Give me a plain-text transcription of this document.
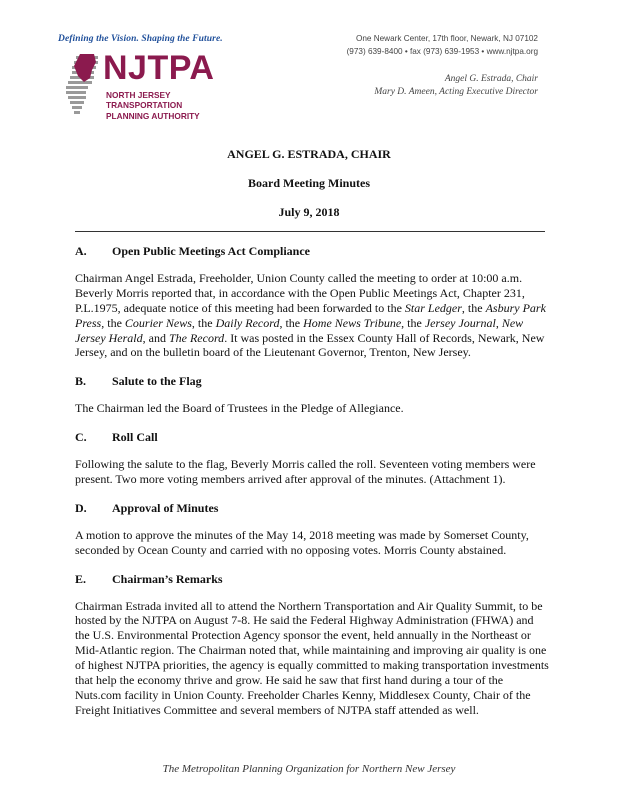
Defining the Vision. Shaping the Future.
NJTPA
NORTH JERSEY
TRANSPORTATION
PLANNING AUTHORITY
One Newark Center, 17th floor, Newark, NJ 07102
(973) 639-8400 • fax (973) 639-1953 • www.njtpa.org
Angel G. Estrada, Chair
Mary D. Ameen, Acting Executive Director
ANGEL G. ESTRADA, CHAIR
Board Meeting Minutes
July 9, 2018
A.	Open Public Meetings Act Compliance

Chairman Angel Estrada, Freeholder, Union County called the meeting to order at 10:00 a.m. Beverly Morris reported that, in accordance with the Open Public Meetings Act, Chapter 231, P.L.1975, adequate notice of this meeting had been forwarded to the Star Ledger, the Asbury Park Press, the Courier News, the Daily Record, the Home News Tribune, the Jersey Journal, New Jersey Herald, and The Record. It was posted in the Essex County Hall of Records, Newark, New Jersey, and on the bulletin board of the Lieutenant Governor, Trenton, New Jersey.

B.	Salute to the Flag

The Chairman led the Board of Trustees in the Pledge of Allegiance.

C.	Roll Call

Following the salute to the flag, Beverly Morris called the roll. Seventeen voting members were present. Two more voting members arrived after approval of the minutes. (Attachment 1).

D.	Approval of Minutes

A motion to approve the minutes of the May 14, 2018 meeting was made by Somerset County, seconded by Ocean County and carried with no opposing votes. Morris County abstained.

E.	Chairman’s Remarks

Chairman Estrada invited all to attend the Northern Transportation and Air Quality Summit, to be hosted by the NJTPA on August 7-8. He said the Federal Highway Administration (FHWA) and the U.S. Environmental Protection Agency sponsor the event, held annually in the Northeast or Mid-Atlantic region. The Chairman noted that, while maintaining and improving air quality is one of highest NJTPA priorities, the agency is equally committed to making transportation investments that help the economy thrive and grow. He said he saw that first hand during a tour of the Nuts.com facility in Union County. Freeholder Charles Kenny, Middlesex County, Chair of the Freight Initiatives Committee and several members of NJTPA staff attended as well.

The Metropolitan Planning Organization for Northern New Jersey
